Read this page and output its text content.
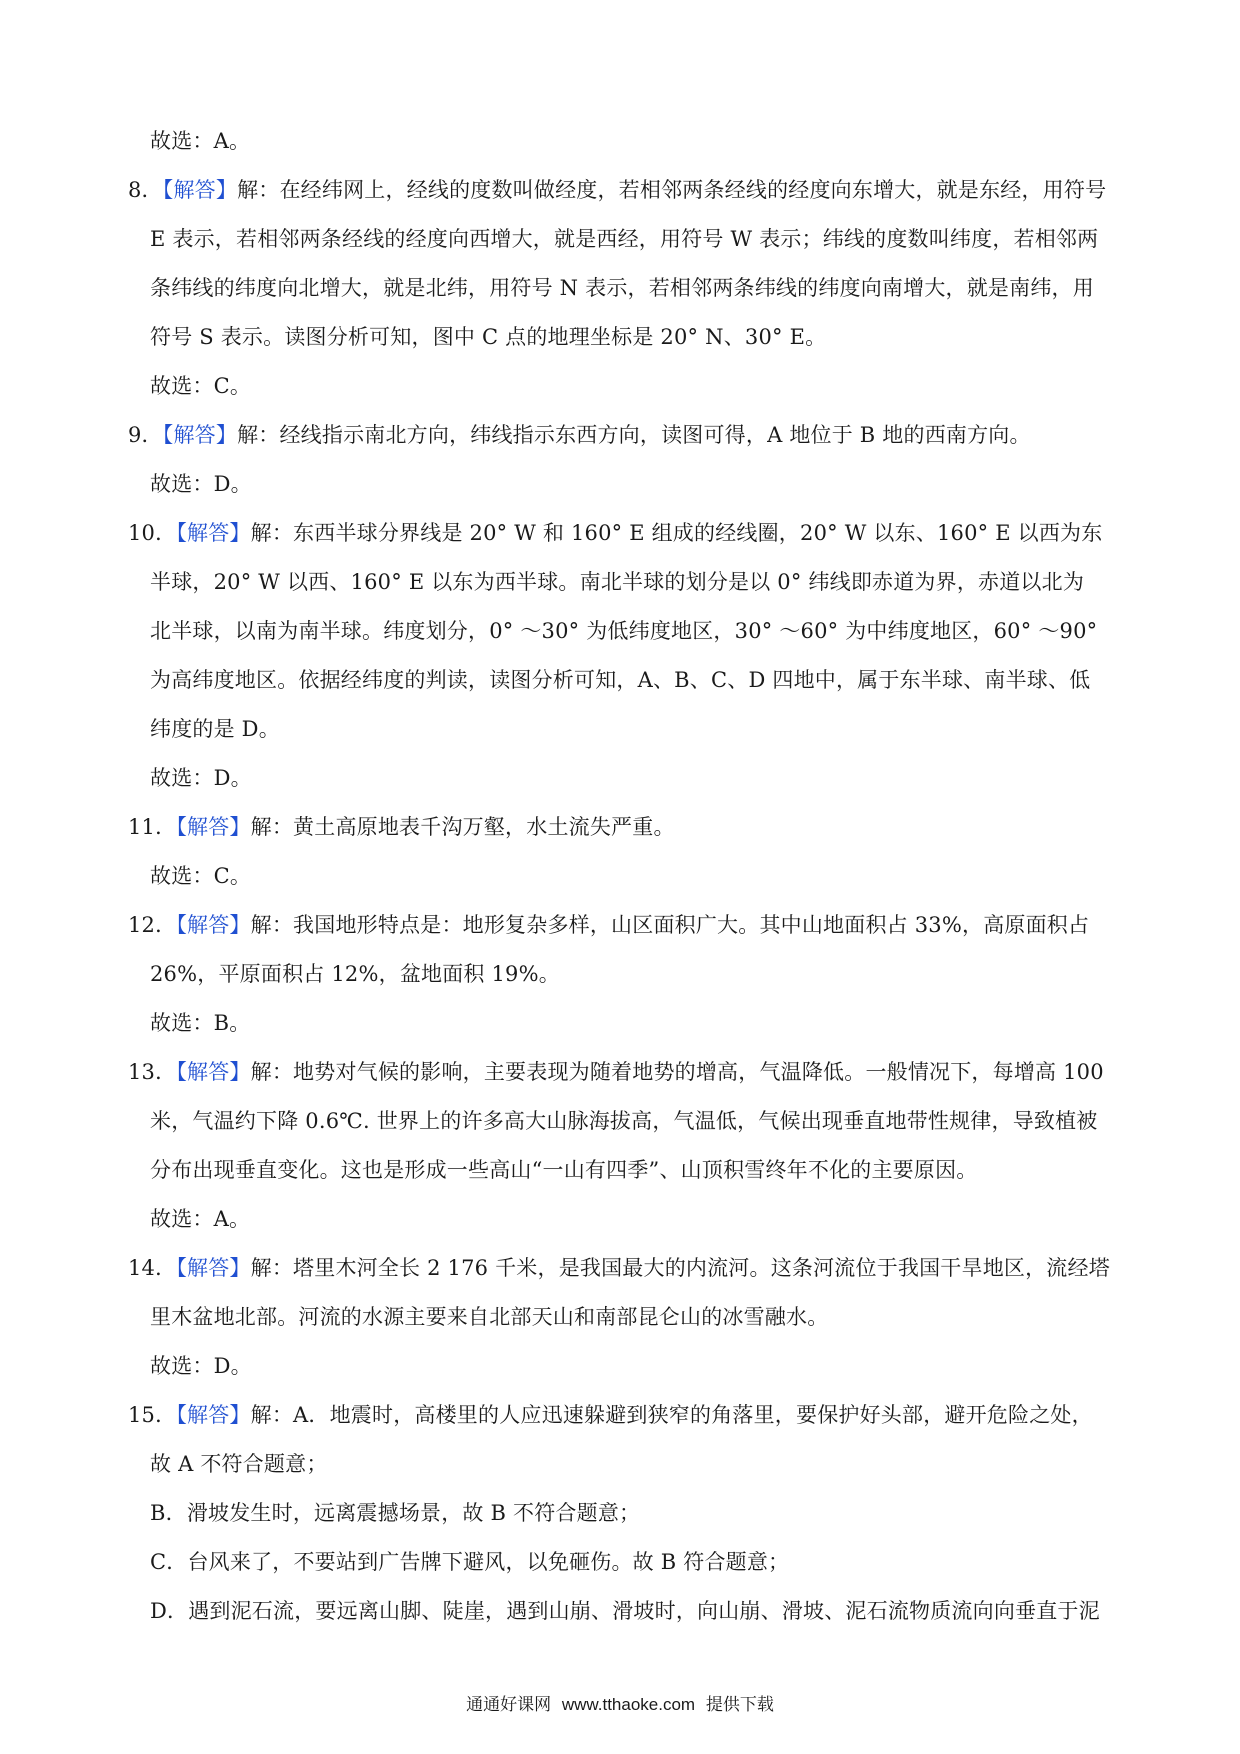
故选：A。
8．【解答】解：在经纬网上，经线的度数叫做经度，若相邻两条经线的经度向东增大，就是东经，用符号
E 表示，若相邻两条经线的经度向西增大，就是西经，用符号 W 表示；纬线的度数叫纬度，若相邻两
条纬线的纬度向北增大，就是北纬，用符号 N 表示，若相邻两条纬线的纬度向南增大，就是南纬，用
符号 S 表示。读图分析可知，图中 C 点的地理坐标是 20° N、30° E。
故选：C。
9．【解答】解：经线指示南北方向，纬线指示东西方向，读图可得，A 地位于 B 地的西南方向。
故选：D。
10．【解答】解：东西半球分界线是 20° W 和 160° E 组成的经线圈，20° W 以东、160° E 以西为东
半球，20° W 以西、160° E 以东为西半球。南北半球的划分是以 0° 纬线即赤道为界，赤道以北为
北半球，以南为南半球。纬度划分，0° ～30° 为低纬度地区，30° ～60° 为中纬度地区，60° ～90°
为高纬度地区。依据经纬度的判读，读图分析可知，A、B、C、D 四地中，属于东半球、南半球、低
纬度的是 D。
故选：D。
11．【解答】解：黄土高原地表千沟万壑，水土流失严重。
故选：C。
12．【解答】解：我国地形特点是：地形复杂多样，山区面积广大。其中山地面积占 33%，高原面积占
26%，平原面积占 12%，盆地面积 19%。
故选：B。
13．【解答】解：地势对气候的影响，主要表现为随着地势的增高，气温降低。一般情况下，每增高 100
米，气温约下降 0.6℃. 世界上的许多高大山脉海拔高，气温低，气候出现垂直地带性规律，导致植被
分布出现垂直变化。这也是形成一些高山“一山有四季”、山顶积雪终年不化的主要原因。
故选：A。
14．【解答】解：塔里木河全长 2 176 千米，是我国最大的内流河。这条河流位于我国干旱地区，流经塔
里木盆地北部。河流的水源主要来自北部天山和南部昆仑山的冰雪融水。
故选：D。
15．【解答】解：A．地震时，高楼里的人应迅速躲避到狭窄的角落里，要保护好头部，避开危险之处，
故 A 不符合题意；
B．滑坡发生时，远离震撼场景，故 B 不符合题意；
C．台风来了，不要站到广告牌下避风，以免砸伤。故 B 符合题意；
D．遇到泥石流，要远离山脚、陡崖，遇到山崩、滑坡时，向山崩、滑坡、泥石流物质流向向垂直于泥
通通好课网 www.tthaoke.com 提供下载
